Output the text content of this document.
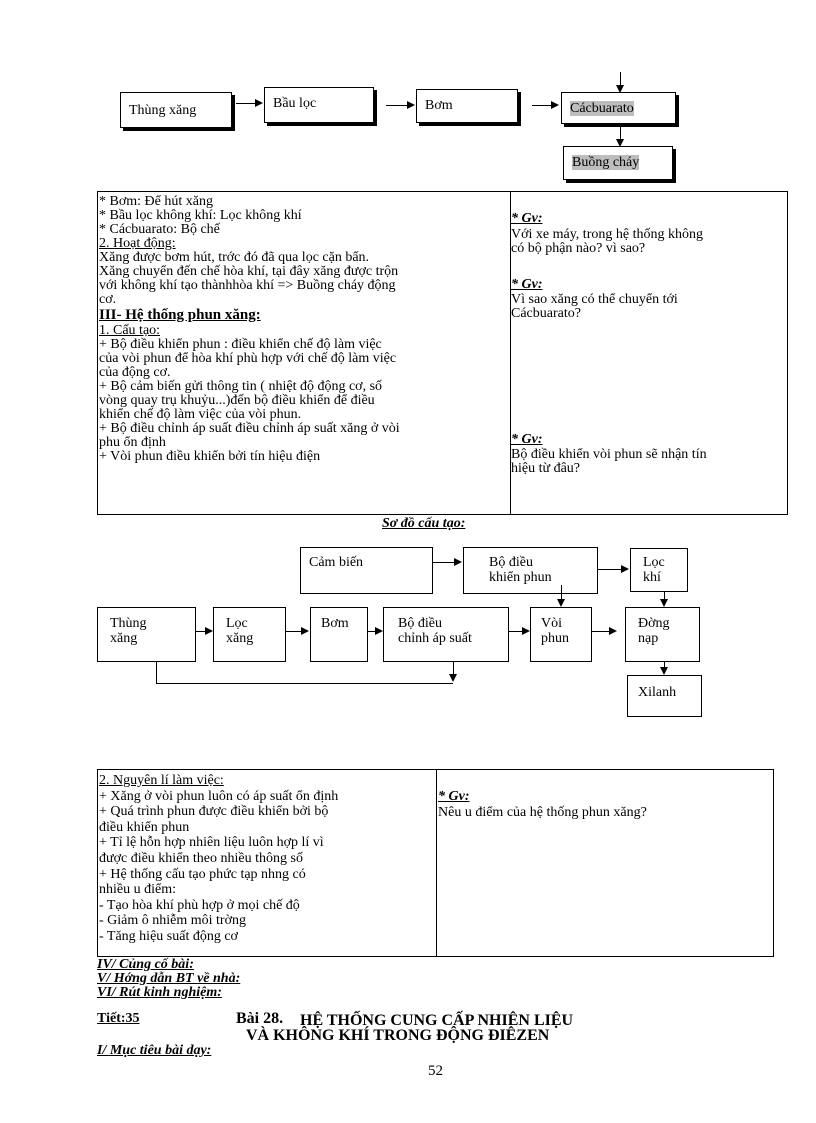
Thùng xăng	Bầu lọc	Bơm	Cácbuarato
Buồng cháy

* Bơm: Để hút xăng

* Bầu lọc không khí: Lọc không khí

* Cácbuarato: Bộ chế

2. Hoạt động:

Xăng được bơm hút, trớc đó đã qua lọc cặn bẩn.

Xăng chuyển đến chế hòa khí, tại đây xăng được trộn

với không khí tạo thànhhòa khí => Buồng cháy động

cơ.

III- Hệ thống phun xăng:

1. Cấu tạo:

+ Bộ điều khiển phun : điều khiển chế độ làm việc

của vòi phun để hòa khí phù hợp với chế độ làm việc

của động cơ.

+ Bộ cảm biến gửi thông tin ( nhiệt độ động cơ, số

vòng quay trụ khuỷu...)đến bộ điều khiển để điều

khiển chế độ làm việc của vòi phun.

+ Bộ điều chỉnh áp suất điều chỉnh áp suất xăng ở vòi

phu ổn định

+ Vòi phun điều khiển bởi tín hiệu điện

* Gv:

Với xe máy, trong hệ thống không

có bộ phận nào? vì sao?

* Gv:

Vì sao xăng có thể chuyển tới

Cácbuarato?

* Gv:

Bộ điều khiển vòi phun sẽ nhận tín

hiệu từ đâu?

Sơ đồ cấu tạo:
Cảm biến	Bộ điều
khiển phun
Lọc
khí
Thùng
xăng
Lọc
xăng
Bơm	Bộ điều
chỉnh áp suất
Vòi
phun
Đờng
nạp
Xilanh

2. Nguyên lí làm việc:

+ Xăng ở vòi phun luôn có áp suất ổn định

+ Quá trình phun được điều khiển bởi bộ

điều khiển phun

+ Tỉ lệ hỗn hợp nhiên liệu luôn hợp lí vì

được điều khiển theo nhiều thông số

+ Hệ thống cấu tạo phức tạp nhng có

nhiều u điểm:

- Tạo hòa khí phù hợp ở mọi chế độ

- Giảm ô nhiễm môi trờng

- Tăng hiệu suất động cơ

* Gv:

Nêu u điểm của hệ thống phun xăng?

IV/ Củng cố bài:

V/ Hớng dẫn BT về nhà:

VI/ Rút kinh nghiệm:

Tiết:35	Bài 28. HỆ THỐNG CUNG CẤP NHIÊN LIỆU
VÀ KHÔNG KHÍ TRONG ĐỘNG ĐIÊZEN
I/ Mục tiêu bài dạy:
52
